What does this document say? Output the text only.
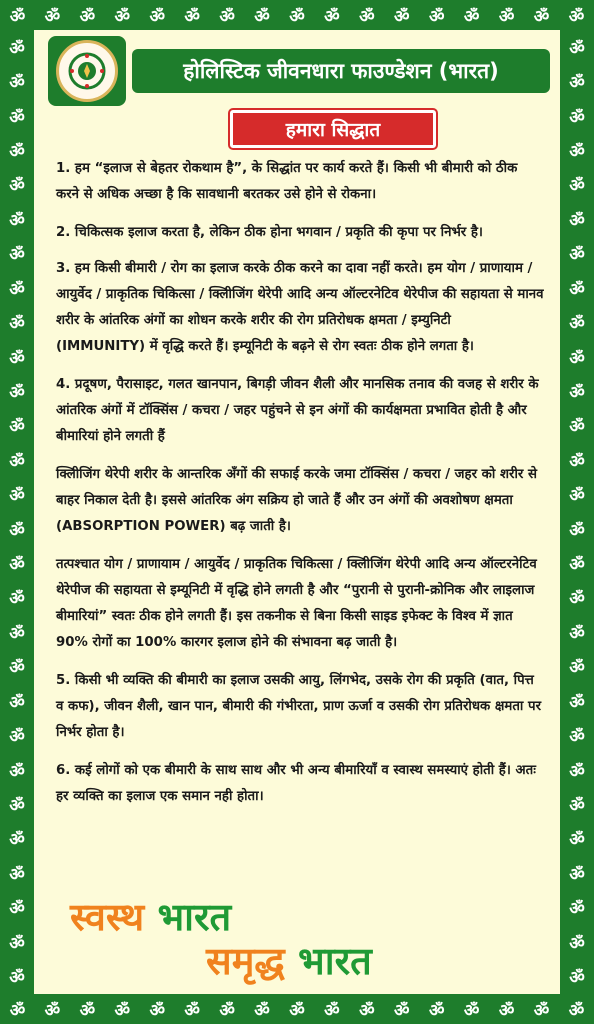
ॐ ॐ ॐ ॐ ॐ ॐ ॐ ॐ ॐ ॐ ॐ ॐ ॐ ॐ ॐ ॐ ॐ
ॐ ॐ ॐ ॐ ॐ ॐ ॐ ॐ ॐ ॐ ॐ ॐ ॐ ॐ ॐ ॐ ॐ
ॐ
ॐ
ॐ
ॐ
ॐ
ॐ
ॐ
ॐ
ॐ
ॐ
ॐ
ॐ
ॐ
ॐ
ॐ
ॐ
ॐ
ॐ
ॐ
ॐ
ॐ
ॐ
ॐ
ॐ
ॐ
ॐ
ॐ
ॐ
ॐ
ॐ
ॐ
ॐ
ॐ
ॐ
ॐ
ॐ
ॐ
ॐ
ॐ
ॐ
ॐ
ॐ
ॐ
ॐ
ॐ
ॐ
ॐ
ॐ
ॐ
ॐ
ॐ
ॐ
ॐ
ॐ
ॐ
ॐ
होलिस्टिक जीवनधारा फाउण्डेशन (भारत)
हमारा सिद्धात

1. हम “इलाज से बेहतर रोकथाम है”, के सिद्धांत पर कार्य करते हैं। किसी भी बीमारी को ठीक करने से अधिक अच्छा है कि सावधानी बरतकर उसे होने से रोकना।

2. चिकित्सक इलाज करता है, लेकिन ठीक होना भगवान / प्रकृति की कृपा पर निर्भर है।

3. हम किसी बीमारी / रोग का इलाज करके ठीक करने का दावा नहीं करते। हम योग / प्राणायाम / आयुर्वेद / प्राकृतिक चिकित्सा / क्लिीजिंग थेरेपी आदि अन्य ऑल्टरनेटिव थेरेपीज की सहायता से मानव शरीर के आंतरिक अंगों का शोधन करके शरीर की रोग प्रतिरोधक क्षमता / इम्युनिटी (IMMUNITY) में वृद्धि करते हैं। इम्यूनिटी के बढ़ने से रोग स्वतः ठीक होने लगता है।

4. प्रदूषण, पैरासाइट, गलत खानपान, बिगड़ी जीवन शैली और मानसिक तनाव की वजह से शरीर के आंतरिक अंगों में टॉक्सिंस / कचरा / जहर पहुंचने से इन अंगों की कार्यक्षमता प्रभावित होती है और बीमारियां होने लगती हैं

क्लिीजिंग थेरेपी शरीर के आन्तरिक अँगों की सफाई करके जमा टॉक्सिंस / कचरा / जहर को शरीर से बाहर निकाल देती है। इससे आंतरिक अंग सक्रिय हो जाते हैं और उन अंगों की अवशोषण क्षमता (ABSORPTION POWER) बढ़ जाती है।

तत्पश्चात योग / प्राणायाम / आयुर्वेद / प्राकृतिक चिकित्सा / क्लिीजिंग थेरेपी आदि अन्य ऑल्टरनेटिव थेरेपीज की सहायता से इम्यूनिटी में वृद्धि होने लगती है और “पुरानी से पुरानी-क्रोनिक और लाइलाज बीमारियां” स्वतः ठीक होने लगती हैं। इस तकनीक से बिना किसी साइड इफेक्ट के विश्व में ज्ञात 90% रोगों का 100% कारगर इलाज होने की संभावना बढ़ जाती है।

5. किसी भी व्यक्ति की बीमारी का इलाज उसकी आयु, लिंगभेद, उसके रोग की प्रकृति (वात, पित्त व कफ), जीवन शैली, खान पान, बीमारी की गंभीरता, प्राण ऊर्जा व उसकी रोग प्रतिरोधक क्षमता पर निर्भर होता है।

6. कई लोगों को एक बीमारी के साथ साथ और भी अन्य बीमारियाँ व स्वास्थ समस्याएं होती हैं। अतः हर व्यक्ति का इलाज एक समान नही होता।

स्वस्थ भारत
समृद्ध भारत
